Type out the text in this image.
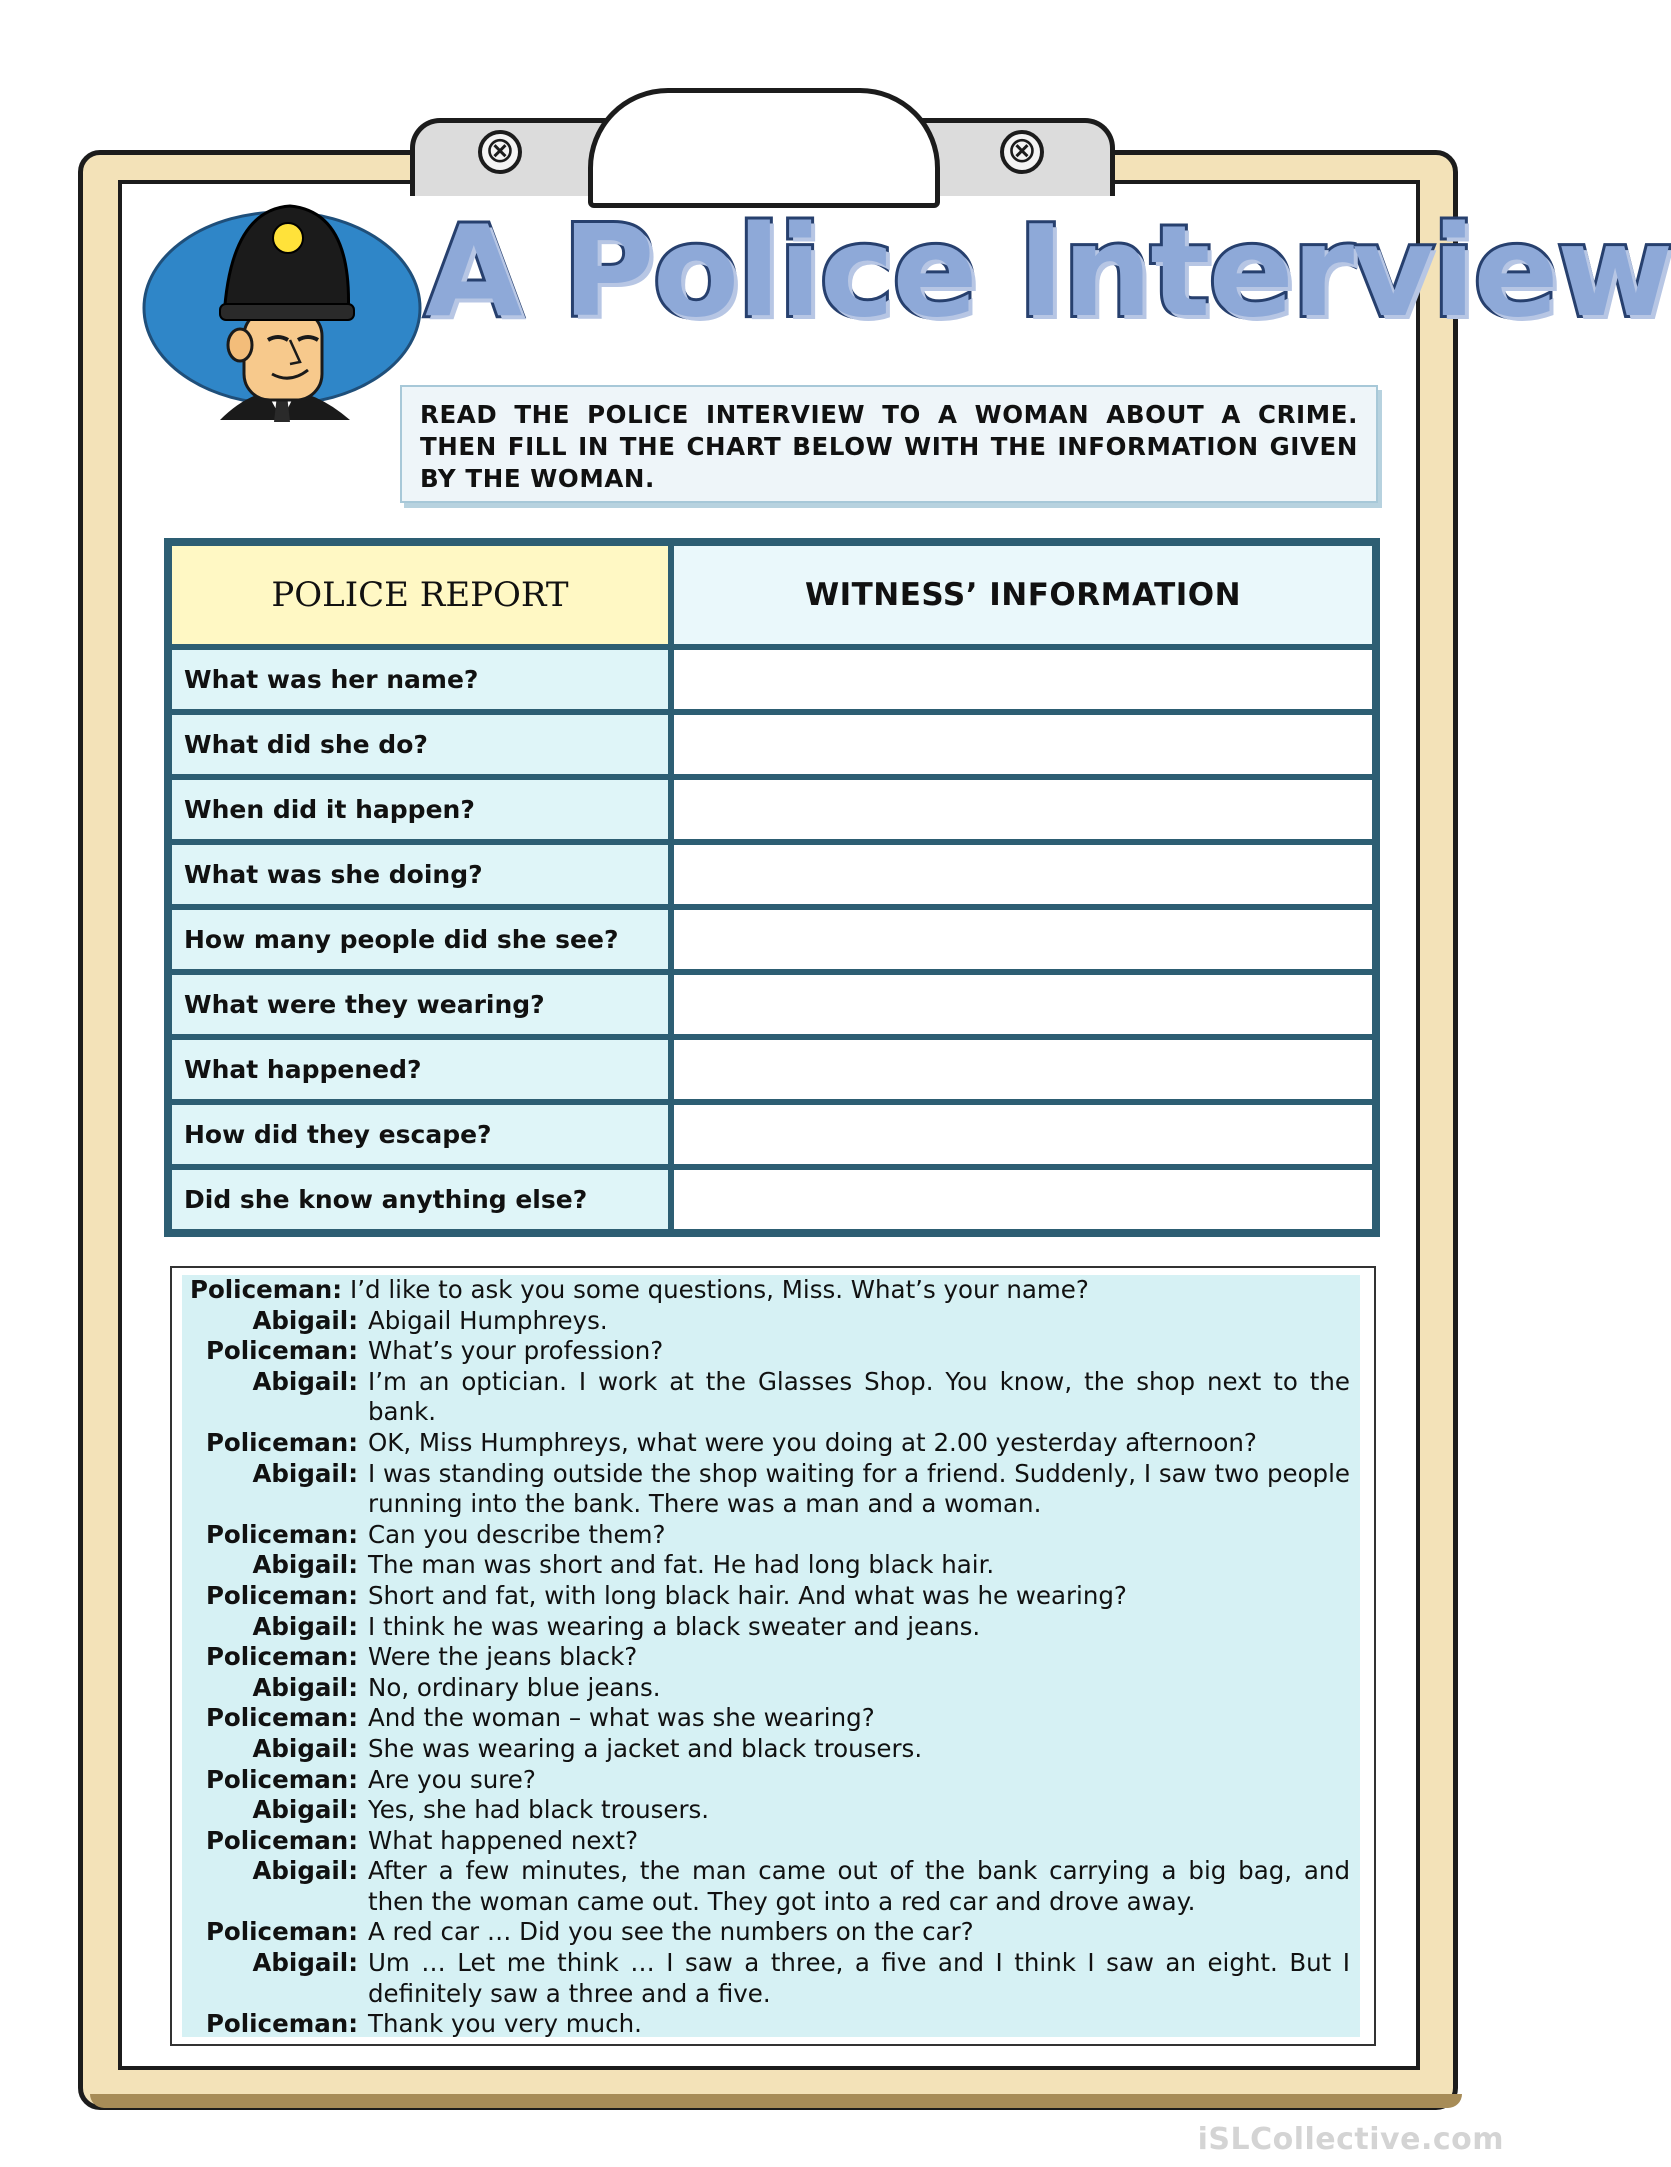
⊗	⊗
A Police Interview
READ THE POLICE INTERVIEW TO A WOMAN ABOUT A CRIME. THEN FILL IN THE CHART BELOW WITH THE INFORMATION GIVEN BY THE WOMAN.
POLICE REPORT	WITNESS’ INFORMATION
What was her name?	
What did she do?	
When did it happen?	
What was she doing?	
How many people did she see?	
What were they wearing?	
What happened?	
How did they escape?	
Did she know anything else?	
Policeman: I’d like to ask you some questions, Miss. What’s your name?
Abigail: Abigail Humphreys.
Policeman: What’s your profession?
Abigail: I’m an optician. I work at the Glasses Shop. You know, the shop next to the bank.
Policeman: OK, Miss Humphreys, what were you doing at 2.00 yesterday afternoon?
Abigail: I was standing outside the shop waiting for a friend. Suddenly, I saw two people running into the bank. There was a man and a woman.
Policeman: Can you describe them?
Abigail: The man was short and fat. He had long black hair.
Policeman: Short and fat, with long black hair. And what was he wearing?
Abigail: I think he was wearing a black sweater and jeans.
Policeman: Were the jeans black?
Abigail: No, ordinary blue jeans.
Policeman: And the woman – what was she wearing?
Abigail: She was wearing a jacket and black trousers.
Policeman: Are you sure?
Abigail: Yes, she had black trousers.
Policeman: What happened next?
Abigail: After a few minutes, the man came out of the bank carrying a big bag, and then the woman came out. They got into a red car and drove away.
Policeman: A red car … Did you see the numbers on the car?
Abigail: Um … Let me think … I saw a three, a five and I think I saw an eight. But I definitely saw a three and a five.
Policeman: Thank you very much.
iSLCollective.com
